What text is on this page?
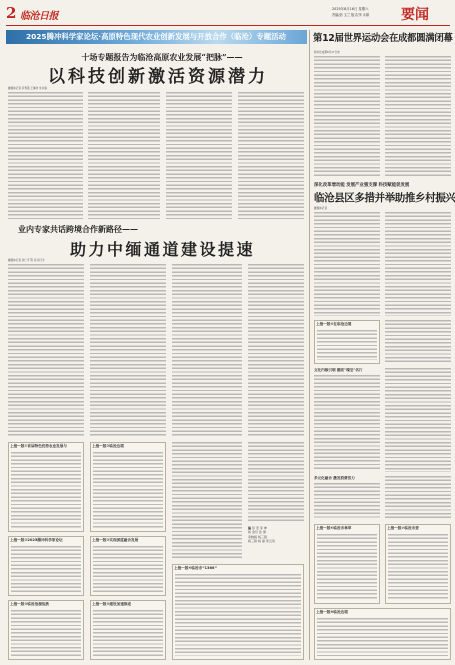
2 临沧日报
2025年8月16日 星期六
责编/彭 玉兰 版式/李 永娣 要闻
2025腾冲科学家论坛·高原特色现代农业创新发展与开放合作（临沧）专题活动
十场专题报告为临沧高原农业发展“把脉”——
以科技创新激活资源潜力
融媒体记者 李青燕 王琳洋 朱书瑜
业内专家共话跨境合作新路径——
助力中缅通道建设提速
融媒体记者 余仁芳 陈 亮 杨天才
上接一版①首届特色优势农业发展与	上接一版②临沧边境
上接一版②2025腾冲科学家论坛	上接一版③实现深度融合发展
编 彭 宏 李 坤
杨 金玲 张 倩
李晓娟 杨三锋
杨三锋 杨 丽 李云凤
上接一版③临沧沧源佤族	上接一版③建设加速推进
上接一版④临沧市“1366”
第12届世界运动会在成都圆满闭幕
新华社成都8月17日电
深化改革增动能 发展产业强支撑 科技赋能促发展
临沧县区多措并举助推乡村振兴
融媒体记者
上接一版⑤在临沧边境
文化内核引领 擦亮“瑰宝”名片
多元化融合 激发消费活力
上接一版⑥临沧市林草	上接一版⑦临沧市委
上接一版⑧临沧边境
